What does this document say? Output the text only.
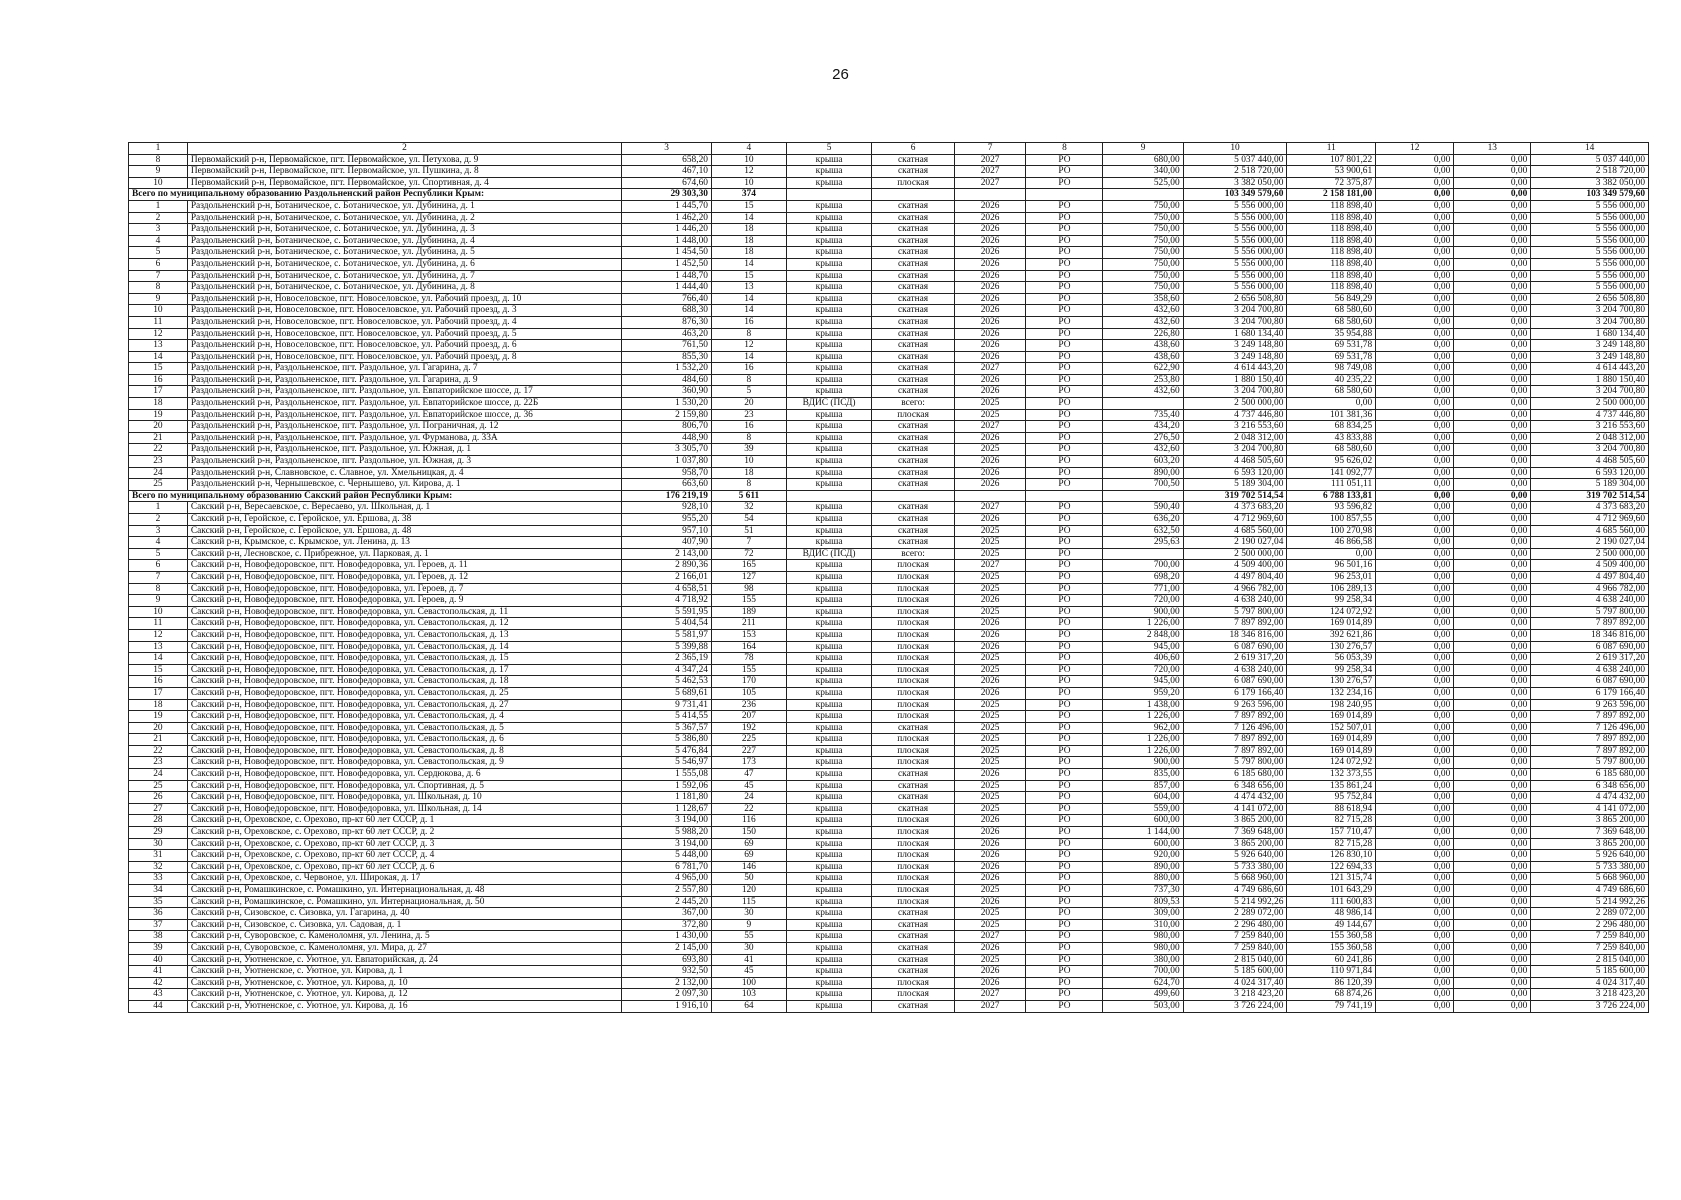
26
1	2	3	4	5	6	7	8	9	10	11	12	13	14
8	Первомайский р-н, Первомайское, пгт. Первомайское, ул. Петухова, д. 9	658,20	10	крыша	скатная	2027	РО	680,00	5 037 440,00	107 801,22	0,00	0,00	5 037 440,00
9	Первомайский р-н, Первомайское, пгт. Первомайское, ул. Пушкина, д. 8	467,10	12	крыша	скатная	2027	РО	340,00	2 518 720,00	53 900,61	0,00	0,00	2 518 720,00
10	Первомайский р-н, Первомайское, пгт. Первомайское, ул. Спортивная, д. 4	674,60	10	крыша	плоская	2027	РО	525,00	3 382 050,00	72 375,87	0,00	0,00	3 382 050,00
Всего по муниципальному образованию Раздольненский район Республики Крым:		29 303,30	374						103 349 579,60	2 158 181,00	0,00	0,00	103 349 579,60
1	Раздольненский р-н, Ботаническое, с. Ботаническое, ул. Дубинина, д. 1	1 445,70	15	крыша	скатная	2026	РО	750,00	5 556 000,00	118 898,40	0,00	0,00	5 556 000,00
2	Раздольненский р-н, Ботаническое, с. Ботаническое, ул. Дубинина, д. 2	1 462,20	14	крыша	скатная	2026	РО	750,00	5 556 000,00	118 898,40	0,00	0,00	5 556 000,00
3	Раздольненский р-н, Ботаническое, с. Ботаническое, ул. Дубинина, д. 3	1 446,20	18	крыша	скатная	2026	РО	750,00	5 556 000,00	118 898,40	0,00	0,00	5 556 000,00
4	Раздольненский р-н, Ботаническое, с. Ботаническое, ул. Дубинина, д. 4	1 448,00	18	крыша	скатная	2026	РО	750,00	5 556 000,00	118 898,40	0,00	0,00	5 556 000,00
5	Раздольненский р-н, Ботаническое, с. Ботаническое, ул. Дубинина, д. 5	1 454,50	18	крыша	скатная	2026	РО	750,00	5 556 000,00	118 898,40	0,00	0,00	5 556 000,00
6	Раздольненский р-н, Ботаническое, с. Ботаническое, ул. Дубинина, д. 6	1 452,50	14	крыша	скатная	2026	РО	750,00	5 556 000,00	118 898,40	0,00	0,00	5 556 000,00
7	Раздольненский р-н, Ботаническое, с. Ботаническое, ул. Дубинина, д. 7	1 448,70	15	крыша	скатная	2026	РО	750,00	5 556 000,00	118 898,40	0,00	0,00	5 556 000,00
8	Раздольненский р-н, Ботаническое, с. Ботаническое, ул. Дубинина, д. 8	1 444,40	13	крыша	скатная	2026	РО	750,00	5 556 000,00	118 898,40	0,00	0,00	5 556 000,00
9	Раздольненский р-н, Новоселовское, пгт. Новоселовское, ул. Рабочий проезд, д. 10	766,40	14	крыша	скатная	2026	РО	358,60	2 656 508,80	56 849,29	0,00	0,00	2 656 508,80
10	Раздольненский р-н, Новоселовское, пгт. Новоселовское, ул. Рабочий проезд, д. 3	688,30	14	крыша	скатная	2026	РО	432,60	3 204 700,80	68 580,60	0,00	0,00	3 204 700,80
11	Раздольненский р-н, Новоселовское, пгт. Новоселовское, ул. Рабочий проезд, д. 4	876,30	16	крыша	скатная	2026	РО	432,60	3 204 700,80	68 580,60	0,00	0,00	3 204 700,80
12	Раздольненский р-н, Новоселовское, пгт. Новоселовское, ул. Рабочий проезд, д. 5	463,20	8	крыша	скатная	2026	РО	226,80	1 680 134,40	35 954,88	0,00	0,00	1 680 134,40
13	Раздольненский р-н, Новоселовское, пгт. Новоселовское, ул. Рабочий проезд, д. 6	761,50	12	крыша	скатная	2026	РО	438,60	3 249 148,80	69 531,78	0,00	0,00	3 249 148,80
14	Раздольненский р-н, Новоселовское, пгт. Новоселовское, ул. Рабочий проезд, д. 8	855,30	14	крыша	скатная	2026	РО	438,60	3 249 148,80	69 531,78	0,00	0,00	3 249 148,80
15	Раздольненский р-н, Раздольненское, пгт. Раздольное, ул. Гагарина, д. 7	1 532,20	16	крыша	скатная	2027	РО	622,90	4 614 443,20	98 749,08	0,00	0,00	4 614 443,20
16	Раздольненский р-н, Раздольненское, пгт. Раздольное, ул. Гагарина, д. 9	484,60	8	крыша	скатная	2026	РО	253,80	1 880 150,40	40 235,22	0,00	0,00	1 880 150,40
17	Раздольненский р-н, Раздольненское, пгт. Раздольное, ул. Евпаторийское шоссе, д. 17	360,90	5	крыша	скатная	2026	РО	432,60	3 204 700,80	68 580,60	0,00	0,00	3 204 700,80
18	Раздольненский р-н, Раздольненское, пгт. Раздольное, ул. Евпаторийское шоссе, д. 22Б	1 530,20	20	ВДИС (ПСД)	всего:	2025	РО		2 500 000,00	0,00	0,00	0,00	2 500 000,00
19	Раздольненский р-н, Раздольненское, пгт. Раздольное, ул. Евпаторийское шоссе, д. 36	2 159,80	23	крыша	плоская	2025	РО	735,40	4 737 446,80	101 381,36	0,00	0,00	4 737 446,80
20	Раздольненский р-н, Раздольненское, пгт. Раздольное, ул. Пограничная, д. 12	806,70	16	крыша	скатная	2027	РО	434,20	3 216 553,60	68 834,25	0,00	0,00	3 216 553,60
21	Раздольненский р-н, Раздольненское, пгт. Раздольное, ул. Фурманова, д. 33А	448,90	8	крыша	скатная	2026	РО	276,50	2 048 312,00	43 833,88	0,00	0,00	2 048 312,00
22	Раздольненский р-н, Раздольненское, пгт. Раздольное, ул. Южная, д. 1	3 305,70	39	крыша	скатная	2025	РО	432,60	3 204 700,80	68 580,60	0,00	0,00	3 204 700,80
23	Раздольненский р-н, Раздольненское, пгт. Раздольное, ул. Южная, д. 3	1 037,80	10	крыша	скатная	2026	РО	603,20	4 468 505,60	95 626,02	0,00	0,00	4 468 505,60
24	Раздольненский р-н, Славновское, с. Славное, ул. Хмельницкая, д. 4	958,70	18	крыша	скатная	2026	РО	890,00	6 593 120,00	141 092,77	0,00	0,00	6 593 120,00
25	Раздольненский р-н, Чернышевское, с. Чернышево, ул. Кирова, д. 1	663,60	8	крыша	скатная	2026	РО	700,50	5 189 304,00	111 051,11	0,00	0,00	5 189 304,00
Всего по муниципальному образованию Сакский район Республики Крым:		176 219,19	5 611						319 702 514,54	6 788 133,81	0,00	0,00	319 702 514,54
1	Сакский р-н, Вересаевское, с. Вересаево, ул. Школьная, д. 1	928,10	32	крыша	скатная	2027	РО	590,40	4 373 683,20	93 596,82	0,00	0,00	4 373 683,20
2	Сакский р-н, Геройское, с. Геройское, ул. Ершова, д. 38	955,20	54	крыша	скатная	2026	РО	636,20	4 712 969,60	100 857,55	0,00	0,00	4 712 969,60
3	Сакский р-н, Геройское, с. Геройское, ул. Ершова, д. 48	957,10	51	крыша	скатная	2025	РО	632,50	4 685 560,00	100 270,98	0,00	0,00	4 685 560,00
4	Сакский р-н, Крымское, с. Крымское, ул. Ленина, д. 13	407,90	7	крыша	скатная	2025	РО	295,63	2 190 027,04	46 866,58	0,00	0,00	2 190 027,04
5	Сакский р-н, Лесновское, с. Прибрежное, ул. Парковая, д. 1	2 143,00	72	ВДИС (ПСД)	всего:	2025	РО		2 500 000,00	0,00	0,00	0,00	2 500 000,00
6	Сакский р-н, Новофедоровское, пгт. Новофедоровка, ул. Героев, д. 11	2 890,36	165	крыша	плоская	2027	РО	700,00	4 509 400,00	96 501,16	0,00	0,00	4 509 400,00
7	Сакский р-н, Новофедоровское, пгт. Новофедоровка, ул. Героев, д. 12	2 166,01	127	крыша	плоская	2025	РО	698,20	4 497 804,40	96 253,01	0,00	0,00	4 497 804,40
8	Сакский р-н, Новофедоровское, пгт. Новофедоровка, ул. Героев, д. 7	4 658,51	98	крыша	плоская	2025	РО	771,00	4 966 782,00	106 289,13	0,00	0,00	4 966 782,00
9	Сакский р-н, Новофедоровское, пгт. Новофедоровка, ул. Героев, д. 9	4 718,92	155	крыша	плоская	2026	РО	720,00	4 638 240,00	99 258,34	0,00	0,00	4 638 240,00
10	Сакский р-н, Новофедоровское, пгт. Новофедоровка, ул. Севастопольская, д. 11	5 591,95	189	крыша	плоская	2025	РО	900,00	5 797 800,00	124 072,92	0,00	0,00	5 797 800,00
11	Сакский р-н, Новофедоровское, пгт. Новофедоровка, ул. Севастопольская, д. 12	5 404,54	211	крыша	плоская	2026	РО	1 226,00	7 897 892,00	169 014,89	0,00	0,00	7 897 892,00
12	Сакский р-н, Новофедоровское, пгт. Новофедоровка, ул. Севастопольская, д. 13	5 581,97	153	крыша	плоская	2026	РО	2 848,00	18 346 816,00	392 621,86	0,00	0,00	18 346 816,00
13	Сакский р-н, Новофедоровское, пгт. Новофедоровка, ул. Севастопольская, д. 14	5 399,88	164	крыша	плоская	2026	РО	945,00	6 087 690,00	130 276,57	0,00	0,00	6 087 690,00
14	Сакский р-н, Новофедоровское, пгт. Новофедоровка, ул. Севастопольская, д. 15	2 365,19	78	крыша	плоская	2025	РО	406,60	2 619 317,20	56 053,39	0,00	0,00	2 619 317,20
15	Сакский р-н, Новофедоровское, пгт. Новофедоровка, ул. Севастопольская, д. 17	4 347,24	155	крыша	плоская	2025	РО	720,00	4 638 240,00	99 258,34	0,00	0,00	4 638 240,00
16	Сакский р-н, Новофедоровское, пгт. Новофедоровка, ул. Севастопольская, д. 18	5 462,53	170	крыша	плоская	2026	РО	945,00	6 087 690,00	130 276,57	0,00	0,00	6 087 690,00
17	Сакский р-н, Новофедоровское, пгт. Новофедоровка, ул. Севастопольская, д. 25	5 689,61	105	крыша	плоская	2026	РО	959,20	6 179 166,40	132 234,16	0,00	0,00	6 179 166,40
18	Сакский р-н, Новофедоровское, пгт. Новофедоровка, ул. Севастопольская, д. 27	9 731,41	236	крыша	плоская	2025	РО	1 438,00	9 263 596,00	198 240,95	0,00	0,00	9 263 596,00
19	Сакский р-н, Новофедоровское, пгт. Новофедоровка, ул. Севастопольская, д. 4	5 414,55	207	крыша	плоская	2025	РО	1 226,00	7 897 892,00	169 014,89	0,00	0,00	7 897 892,00
20	Сакский р-н, Новофедоровское, пгт. Новофедоровка, ул. Севастопольская, д. 5	5 367,57	192	крыша	скатная	2025	РО	962,00	7 126 496,00	152 507,01	0,00	0,00	7 126 496,00
21	Сакский р-н, Новофедоровское, пгт. Новофедоровка, ул. Севастопольская, д. 6	5 386,80	225	крыша	плоская	2025	РО	1 226,00	7 897 892,00	169 014,89	0,00	0,00	7 897 892,00
22	Сакский р-н, Новофедоровское, пгт. Новофедоровка, ул. Севастопольская, д. 8	5 476,84	227	крыша	плоская	2025	РО	1 226,00	7 897 892,00	169 014,89	0,00	0,00	7 897 892,00
23	Сакский р-н, Новофедоровское, пгт. Новофедоровка, ул. Севастопольская, д. 9	5 546,97	173	крыша	плоская	2025	РО	900,00	5 797 800,00	124 072,92	0,00	0,00	5 797 800,00
24	Сакский р-н, Новофедоровское, пгт. Новофедоровка, ул. Сердюкова, д. 6	1 555,08	47	крыша	скатная	2026	РО	835,00	6 185 680,00	132 373,55	0,00	0,00	6 185 680,00
25	Сакский р-н, Новофедоровское, пгт. Новофедоровка, ул. Спортивная, д. 5	1 592,06	45	крыша	скатная	2025	РО	857,00	6 348 656,00	135 861,24	0,00	0,00	6 348 656,00
26	Сакский р-н, Новофедоровское, пгт. Новофедоровка, ул. Школьная, д. 10	1 181,80	24	крыша	скатная	2025	РО	604,00	4 474 432,00	95 752,84	0,00	0,00	4 474 432,00
27	Сакский р-н, Новофедоровское, пгт. Новофедоровка, ул. Школьная, д. 14	1 128,67	22	крыша	скатная	2025	РО	559,00	4 141 072,00	88 618,94	0,00	0,00	4 141 072,00
28	Сакский р-н, Ореховское, с. Орехово, пр-кт 60 лет СССР, д. 1	3 194,00	116	крыша	плоская	2026	РО	600,00	3 865 200,00	82 715,28	0,00	0,00	3 865 200,00
29	Сакский р-н, Ореховское, с. Орехово, пр-кт 60 лет СССР, д. 2	5 988,20	150	крыша	плоская	2026	РО	1 144,00	7 369 648,00	157 710,47	0,00	0,00	7 369 648,00
30	Сакский р-н, Ореховское, с. Орехово, пр-кт 60 лет СССР, д. 3	3 194,00	69	крыша	плоская	2026	РО	600,00	3 865 200,00	82 715,28	0,00	0,00	3 865 200,00
31	Сакский р-н, Ореховское, с. Орехово, пр-кт 60 лет СССР, д. 4	5 448,00	69	крыша	плоская	2026	РО	920,00	5 926 640,00	126 830,10	0,00	0,00	5 926 640,00
32	Сакский р-н, Ореховское, с. Орехово, пр-кт 60 лет СССР, д. 6	6 781,70	146	крыша	плоская	2026	РО	890,00	5 733 380,00	122 694,33	0,00	0,00	5 733 380,00
33	Сакский р-н, Ореховское, с. Червоное, ул. Широкая, д. 17	4 965,00	50	крыша	плоская	2026	РО	880,00	5 668 960,00	121 315,74	0,00	0,00	5 668 960,00
34	Сакский р-н, Ромашкинское, с. Ромашкино, ул. Интернациональная, д. 48	2 557,80	120	крыша	плоская	2025	РО	737,30	4 749 686,60	101 643,29	0,00	0,00	4 749 686,60
35	Сакский р-н, Ромашкинское, с. Ромашкино, ул. Интернациональная, д. 50	2 445,20	115	крыша	плоская	2026	РО	809,53	5 214 992,26	111 600,83	0,00	0,00	5 214 992,26
36	Сакский р-н, Сизовское, с. Сизовка, ул. Гагарина, д. 40	367,00	30	крыша	скатная	2025	РО	309,00	2 289 072,00	48 986,14	0,00	0,00	2 289 072,00
37	Сакский р-н, Сизовское, с. Сизовка, ул. Садовая, д. 1	372,80	9	крыша	скатная	2025	РО	310,00	2 296 480,00	49 144,67	0,00	0,00	2 296 480,00
38	Сакский р-н, Суворовское, с. Каменоломня, ул. Ленина, д. 5	1 430,00	55	крыша	скатная	2027	РО	980,00	7 259 840,00	155 360,58	0,00	0,00	7 259 840,00
39	Сакский р-н, Суворовское, с. Каменоломня, ул. Мира, д. 27	2 145,00	30	крыша	скатная	2026	РО	980,00	7 259 840,00	155 360,58	0,00	0,00	7 259 840,00
40	Сакский р-н, Уютненское, с. Уютное, ул. Евпаторийская, д. 24	693,80	41	крыша	скатная	2025	РО	380,00	2 815 040,00	60 241,86	0,00	0,00	2 815 040,00
41	Сакский р-н, Уютненское, с. Уютное, ул. Кирова, д. 1	932,50	45	крыша	скатная	2026	РО	700,00	5 185 600,00	110 971,84	0,00	0,00	5 185 600,00
42	Сакский р-н, Уютненское, с. Уютное, ул. Кирова, д. 10	2 132,00	100	крыша	плоская	2026	РО	624,70	4 024 317,40	86 120,39	0,00	0,00	4 024 317,40
43	Сакский р-н, Уютненское, с. Уютное, ул. Кирова, д. 12	2 097,30	103	крыша	плоская	2027	РО	499,60	3 218 423,20	68 874,26	0,00	0,00	3 218 423,20
44	Сакский р-н, Уютненское, с. Уютное, ул. Кирова, д. 16	1 916,10	64	крыша	скатная	2027	РО	503,00	3 726 224,00	79 741,19	0,00	0,00	3 726 224,00
